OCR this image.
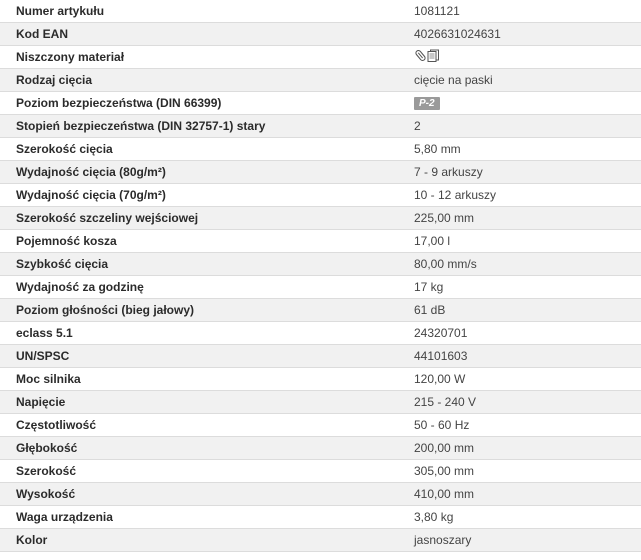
Numer artykułu	1081121
Kod EAN	4026631024631
Niszczony materiał	
Rodzaj cięcia	cięcie na paski
Poziom bezpieczeństwa (DIN 66399)	P-2
Stopień bezpieczeństwa (DIN 32757-1) stary	2
Szerokość cięcia	5,80 mm
Wydajność cięcia (80g/m²)	7 - 9 arkuszy
Wydajność cięcia (70g/m²)	10 - 12 arkuszy
Szerokość szczeliny wejściowej	225,00 mm
Pojemność kosza	17,00 l
Szybkość cięcia	80,00 mm/s
Wydajność za godzinę	17 kg
Poziom głośności (bieg jałowy)	61 dB
eclass 5.1	24320701
UN/SPSC	44101603
Moc silnika	120,00 W
Napięcie	215 - 240 V
Częstotliwość	50 - 60 Hz
Głębokość	200,00 mm
Szerokość	305,00 mm
Wysokość	410,00 mm
Waga urządzenia	3,80 kg
Kolor	jasnoszary
